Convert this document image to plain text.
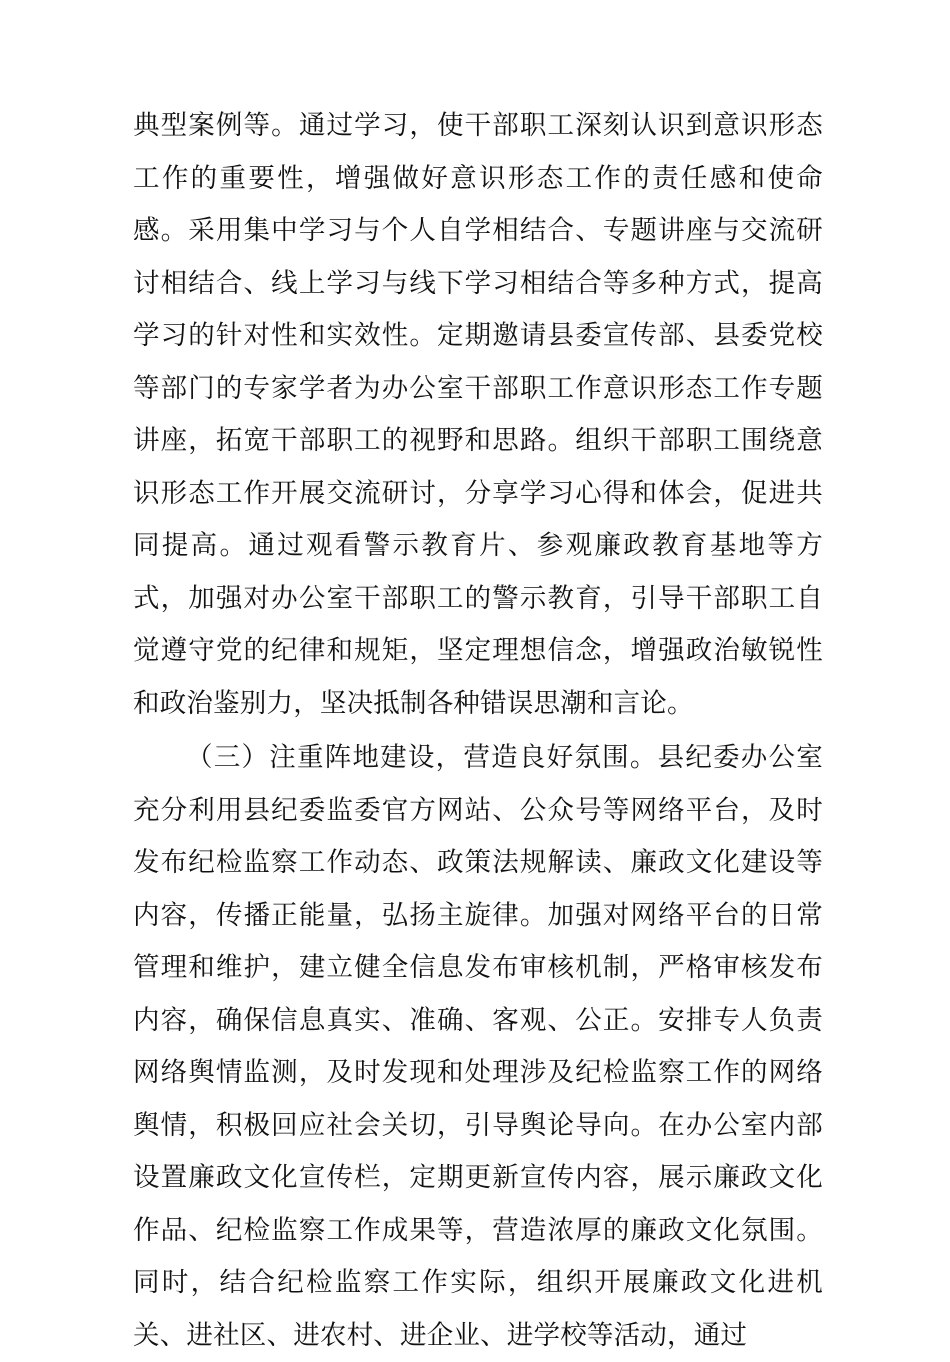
典型案例等。通过学习，使干部职工深刻认识到意识形态工作的重要性，增强做好意识形态工作的责任感和使命感。采用集中学习与个人自学相结合、专题讲座与交流研讨相结合、线上学习与线下学习相结合等多种方式，提高学习的针对性和实效性。定期邀请县委宣传部、县委党校等部门的专家学者为办公室干部职工作意识形态工作专题讲座，拓宽干部职工的视野和思路。组织干部职工围绕意识形态工作开展交流研讨，分享学习心得和体会，促进共同提高。通过观看警示教育片、参观廉政教育基地等方式，加强对办公室干部职工的警示教育，引导干部职工自觉遵守党的纪律和规矩，坚定理想信念，增强政治敏锐性和政治鉴别力，坚决抵制各种错误思潮和言论。

（三）注重阵地建设，营造良好氛围。县纪委办公室充分利用县纪委监委官方网站、公众号等网络平台，及时发布纪检监察工作动态、政策法规解读、廉政文化建设等内容，传播正能量，弘扬主旋律。加强对网络平台的日常管理和维护，建立健全信息发布审核机制，严格审核发布内容，确保信息真实、准确、客观、公正。安排专人负责网络舆情监测，及时发现和处理涉及纪检监察工作的网络舆情，积极回应社会关切，引导舆论导向。在办公室内部设置廉政文化宣传栏，定期更新宣传内容，展示廉政文化作品、纪检监察工作成果等，营造浓厚的廉政文化氛围。同时，结合纪检监察工作实际，组织开展廉政文化进机关、进社区、进农村、进企业、进学校等活动，通过
